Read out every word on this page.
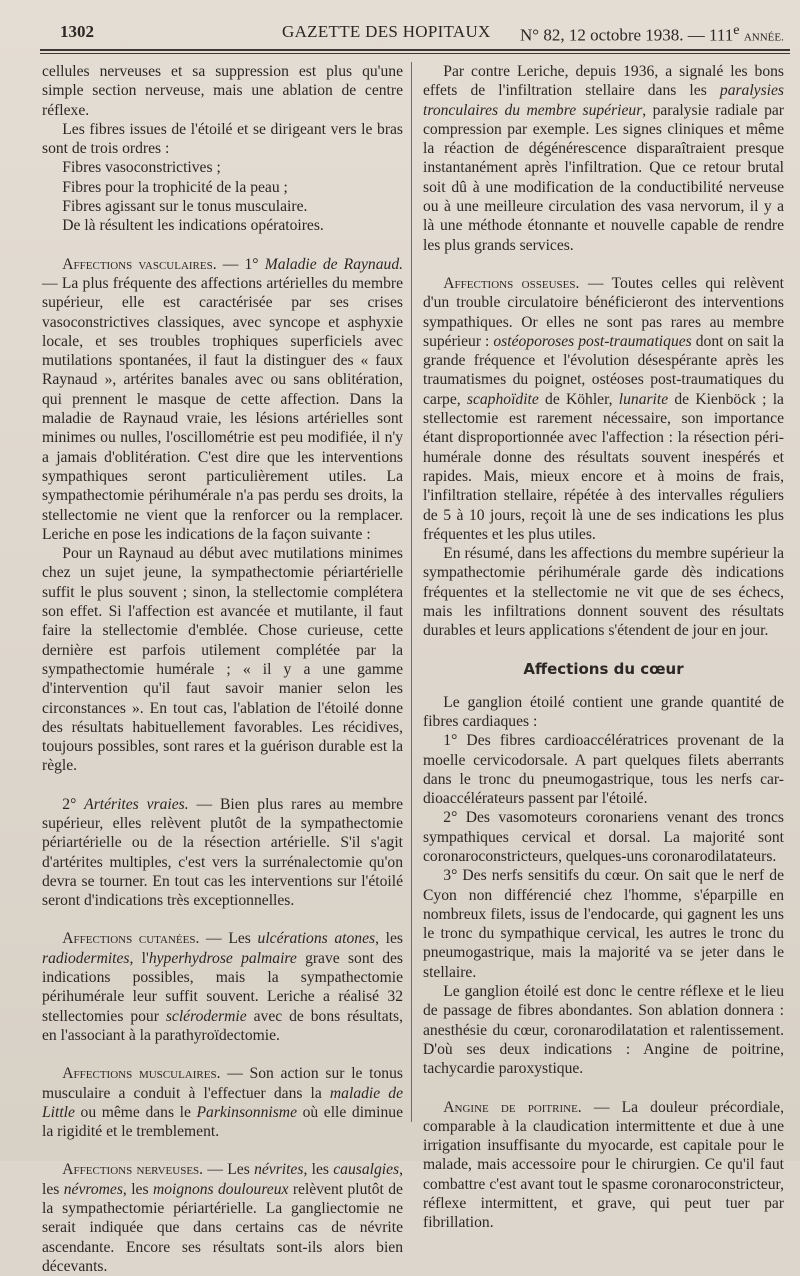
1302	GAZETTE DES HOPITAUX N° 82, 12 octobre 1938. — 111e ANNÉE.

cellules nerveuses et sa suppression est plus qu'une simple section nerveuse, mais une ablation de centre réflexe.

Les fibres issues de l'étoilé et se dirigeant vers le bras sont de trois ordres :

Fibres vasoconstrictives ;

Fibres pour la trophicité de la peau ;

Fibres agissant sur le tonus musculaire.

De là résultent les indications opératoires.

Affections vasculaires. — 1° Maladie de Raynaud. — La plus fréquente des affections artérielles du membre supérieur, elle est caractérisée par ses crises vasoconstrictives classiques, avec syncope et asphyxie locale, et ses troubles trophiques superficiels avec mutilations spontanées, il faut la distinguer des « faux Raynaud », artérites banales avec ou sans oblitération, qui prennent le masque de cette affection. Dans la maladie de Raynaud vraie, les lésions artérielles sont minimes ou nulles, l'oscillométrie est peu modifiée, il n'y a jamais d'oblitération. C'est dire que les interventions sympathiques seront particulièrement utiles. La sympathectomie périhumérale n'a pas perdu ses droits, la stellectomie ne vient que la renforcer ou la remplacer. Leriche en pose les indications de la façon suivante :

Pour un Raynaud au début avec mutilations minimes chez un sujet jeune, la sympathectomie périartérielle suffit le plus souvent ; sinon, la stellectomie complétera son effet. Si l'affection est avancée et mutilante, il faut faire la stellectomie d'emblée. Chose curieuse, cette dernière est parfois utilement complétée par la sympathectomie humérale ; « il y a une gamme d'intervention qu'il faut savoir manier selon les circonstances ». En tout cas, l'ablation de l'étoilé donne des résultats habituellement favorables. Les récidives, toujours possibles, sont rares et la guérison durable est la règle.

2° Artérites vraies. — Bien plus rares au membre supérieur, elles relèvent plutôt de la sympathectomie périartérielle ou de la résection artérielle. S'il s'agit d'artérites multiples, c'est vers la surrénalectomie qu'on devra se tourner. En tout cas les interventions sur l'étoilé seront d'indications très exceptionnelles.

Affections cutanées. — Les ulcérations atones, les radiodermites, l'hyperhydrose palmaire grave sont des indications possibles, mais la sympathectomie périhumérale leur suffit souvent. Leriche a réalisé 32 stellectomies pour sclérodermie avec de bons résultats, en l'associant à la parathyroïdectomie.

Affections musculaires. — Son action sur le tonus musculaire a conduit à l'effectuer dans la maladie de Little ou même dans le Parkinsonnisme où elle diminue la rigidité et le tremblement.

Affections nerveuses. — Les névrites, les causalgies, les névromes, les moignons douloureux relèvent plutôt de la sympathectomie périartérielle. La gangliectomie ne serait indiquée que dans certains cas de névrite ascendante. Encore ses résultats sont-ils alors bien décevants.

Par contre Leriche, depuis 1936, a signalé les bons effets de l'infiltration stellaire dans les paralysies tronculaires du membre supérieur, paralysie radiale par compression par exemple. Les signes cliniques et même la réaction de dégénérescence disparaîtraient presque instantanément après l'infiltration. Que ce retour brutal soit dû à une modification de la conductibilité nerveuse ou à une meilleure circulation des vasa nervorum, il y a là une méthode étonnante et nouvelle capable de rendre les plus grands services.

Affections osseuses. — Toutes celles qui relèvent d'un trouble circulatoire bénéficieront des interventions sympathiques. Or elles ne sont pas rares au membre supérieur : ostéoporoses post-traumatiques dont on sait la grande fréquence et l'évolution désespérante après les traumatismes du poignet, ostéoses post-traumatiques du carpe, scaphoïdite de Köhler, lunarite de Kienböck ; la stellectomie est rarement nécessaire, son importance étant disproportionnée avec l'affection : la résection péri-humérale donne des résultats souvent inespérés et rapides. Mais, mieux encore et à moins de frais, l'infiltration stellaire, répétée à des intervalles réguliers de 5 à 10 jours, reçoit là une de ses indications les plus fréquentes et les plus utiles.

En résumé, dans les affections du membre supérieur la sympathectomie périhumérale garde dès indications fréquentes et la stellectomie ne vit que de ses échecs, mais les infiltrations donnent souvent des résultats durables et leurs applications s'étendent de jour en jour.

Affections du cœur

Le ganglion étoilé contient une grande quantité de fibres cardiaques :

1° Des fibres cardioaccélératrices provenant de la moelle cervicodorsale. A part quelques filets aberrants dans le tronc du pneumogastrique, tous les nerfs car-dioaccélérateurs passent par l'étoilé.

2° Des vasomoteurs coronariens venant des troncs sympathiques cervical et dorsal. La majorité sont coronaroconstricteurs, quelques-uns coronarodilatateurs.

3° Des nerfs sensitifs du cœur. On sait que le nerf de Cyon non différencié chez l'homme, s'éparpille en nombreux filets, issus de l'endocarde, qui gagnent les uns le tronc du sympathique cervical, les autres le tronc du pneumogastrique, mais la majorité va se jeter dans le stellaire.

Le ganglion étoilé est donc le centre réflexe et le lieu de passage de fibres abondantes. Son ablation donnera : anesthésie du cœur, coronarodilatation et ralentissement. D'où ses deux indications : Angine de poitrine, tachycardie paroxystique.

Angine de poitrine. — La douleur précordiale, comparable à la claudication intermittente et due à une irrigation insuffisante du myocarde, est capitale pour le malade, mais accessoire pour le chirurgien. Ce qu'il faut combattre c'est avant tout le spasme coronaroconstricteur, réflexe intermittent, et grave, qui peut tuer par fibrillation.
